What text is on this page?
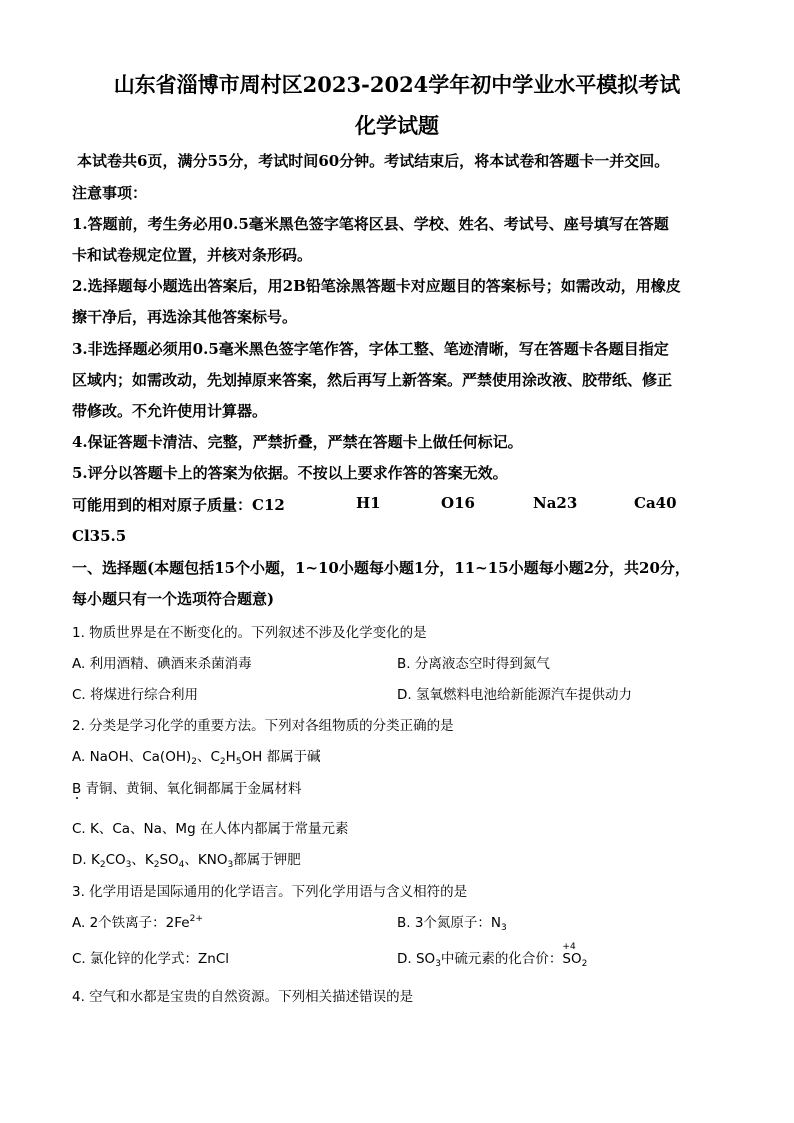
山东省淄博市周村区2023-2024学年初中学业水平模拟考试
化学试题
本试卷共6页，满分55分，考试时间60分钟。考试结束后，将本试卷和答题卡一并交回。
注意事项：
1.答题前，考生务必用0.5毫米黑色签字笔将区县、学校、姓名、考试号、座号填写在答题
卡和试卷规定位置，并核对条形码。
2.选择题每小题选出答案后，用2B铅笔涂黑答题卡对应题目的答案标号；如需改动，用橡皮
擦干净后，再选涂其他答案标号。
3.非选择题必须用0.5毫米黑色签字笔作答，字体工整、笔迹清晰，写在答题卡各题目指定
区域内；如需改动，先划掉原来答案，然后再写上新答案。严禁使用涂改液、胶带纸、修正
带修改。不允许使用计算器。
4.保证答题卡清洁、完整，严禁折叠，严禁在答题卡上做任何标记。
5.评分以答题卡上的答案为依据。不按以上要求作答的答案无效。
可能用到的相对原子质量：C12	H1	O16	Na23	Ca40
Cl35.5
一、选择题(本题包括15个小题，1~10小题每小题1分，11~15小题每小题2分，共20分，
每小题只有一个选项符合题意)
1. 物质世界是在不断变化的。下列叙述不涉及化学变化的是
A. 利用酒精、碘酒来杀菌消毒	B. 分离液态空时得到氮气
C. 将煤进行综合利用	D. 氢氧燃料电池给新能源汽车提供动力
2. 分类是学习化学的重要方法。下列对各组物质的分类正确的是
A. NaOH、$Ca(OH)_2$、$C_2H_5OH$ 都属于碱
B 青铜、黄铜、氧化铜都属于金属材料
C. K、Ca、Na、Mg 在人体内都属于常量元素
D. $K_2CO_3$、$K_2SO_4$、$KNO_3$都属于钾肥
3. 化学用语是国际通用的化学语言。下列化学用语与含义相符的是
A. 2个铁离子：$2Fe^{2+}$	B. 3个氮原子：$N_3$
C. 氯化锌的化学式：ZnCl	D. $SO_3$中硫元素的化合价：
+4
$SO_2$
4. 空气和水都是宝贵的自然资源。下列相关描述错误的是
